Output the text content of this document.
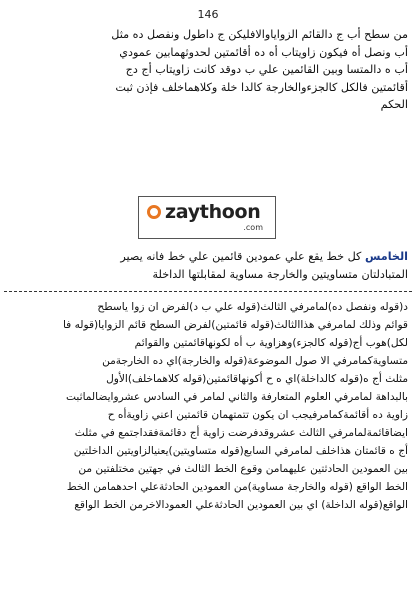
146
من سطح أب ج دالقائم الزواياوالافليكن ج داطول ونفصل ده مثل
أب ونصل أه فيكون زاويتاب أه ده أقائمتين لحدوثهمابين عمودي
أب ه دالمتسا وبين القائمين علي ب دوقد كانت زاويتاب أج دج
أقائمتين فالكل كالجزءوالخارجة كالدا خلة وكلاهماخلف فإذن ثبت
الحكم
zaythoon
.com
الخامس كل خط يقع علي عمودين قائمين علي خط فانه يصير
المتبادلتان متساويتين والخارجة مساوية لمقابلتها الداخلة
د(قوله ونفصل ده)لمامرفي الثالث(قوله علي ب د)لفرض ان زوا ياسطح
قوائم وذلك لمامرفي هذاالثالث(قوله قائمتين)لفرض السطح قائم الزوايا(قوله فا
لكل)هوب أج(قوله كالجزء)وهزاوية ب أه لكونهاقائمتين والقوائم
متساويةكمامرفي الا صول الموضوعة(قوله والخارجة)اي ده الخارجةمن
مثلث أج ه(قوله كالداخلة)اي ه ح أكونهاقائمتين(قوله كلاهماخلف)الأول
بالبداهة لمامرفي العلوم المتعارفة والثاني لمامر في السادس عشروايضالماثبت
زاوية ده أقائمةكمامرفيجب ان يكون تتمتهمان قائمتين اعني زاويةأه ح
ايضاقائمةلمامرفي الثالث عشروقدفرضت زاوية أج دقائمةفقداجتمع في مثلث
أج ه قائمتان هذاخلف لمامرفي السابع(قوله متساويتين)يعنيالزاويتين الداخلتين
بين العمودين الحادثتين عليهمامن وقوع الخط الثالث في جهتين مختلفتين من
الخط الواقع (قوله والخارجة مساوية)من العمودين الحادثةعلي احدهمامن الخط
الواقع(قوله الداخلة) اي بين العمودين الحادثةعلي العمودالاخرمن الخط الواقع
